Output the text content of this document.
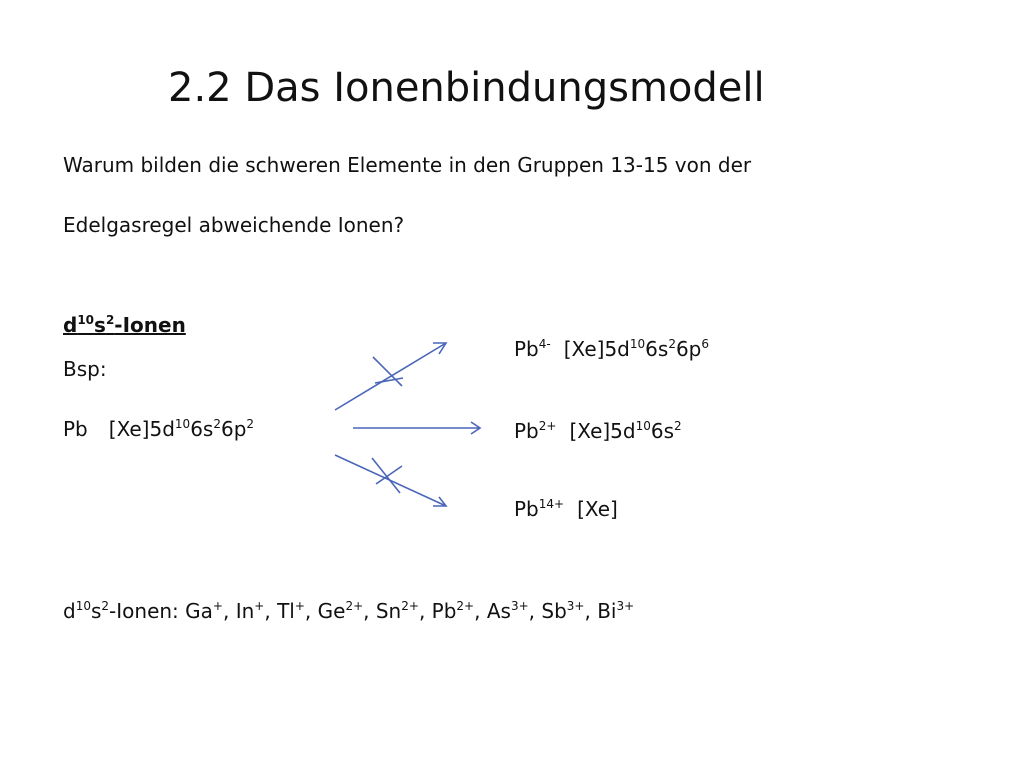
2.2 Das Ionenbindungsmodell
Warum bilden die schweren Elemente in den Gruppen 13-15 von der
Edelgasregel abweichende Ionen?
$d^{10}s^2$-Ionen
Bsp:
Pb $[Xe]5d^{10}6s^26p^2$
$Pb^{4-}$ $[Xe]5d^{10}6s^26p^6$
$Pb^{2+}$ $[Xe]5d^{10}6s^2$
$Pb^{14+}$ [Xe]
$d^{10}s^2$-Ionen: Ga+, In+, Tl+, $Ge^{2+}$, $Sn^{2+}$, $Pb^{2+}$, $As^{3+}$, $Sb^{3+}$, $Bi^{3+}$
